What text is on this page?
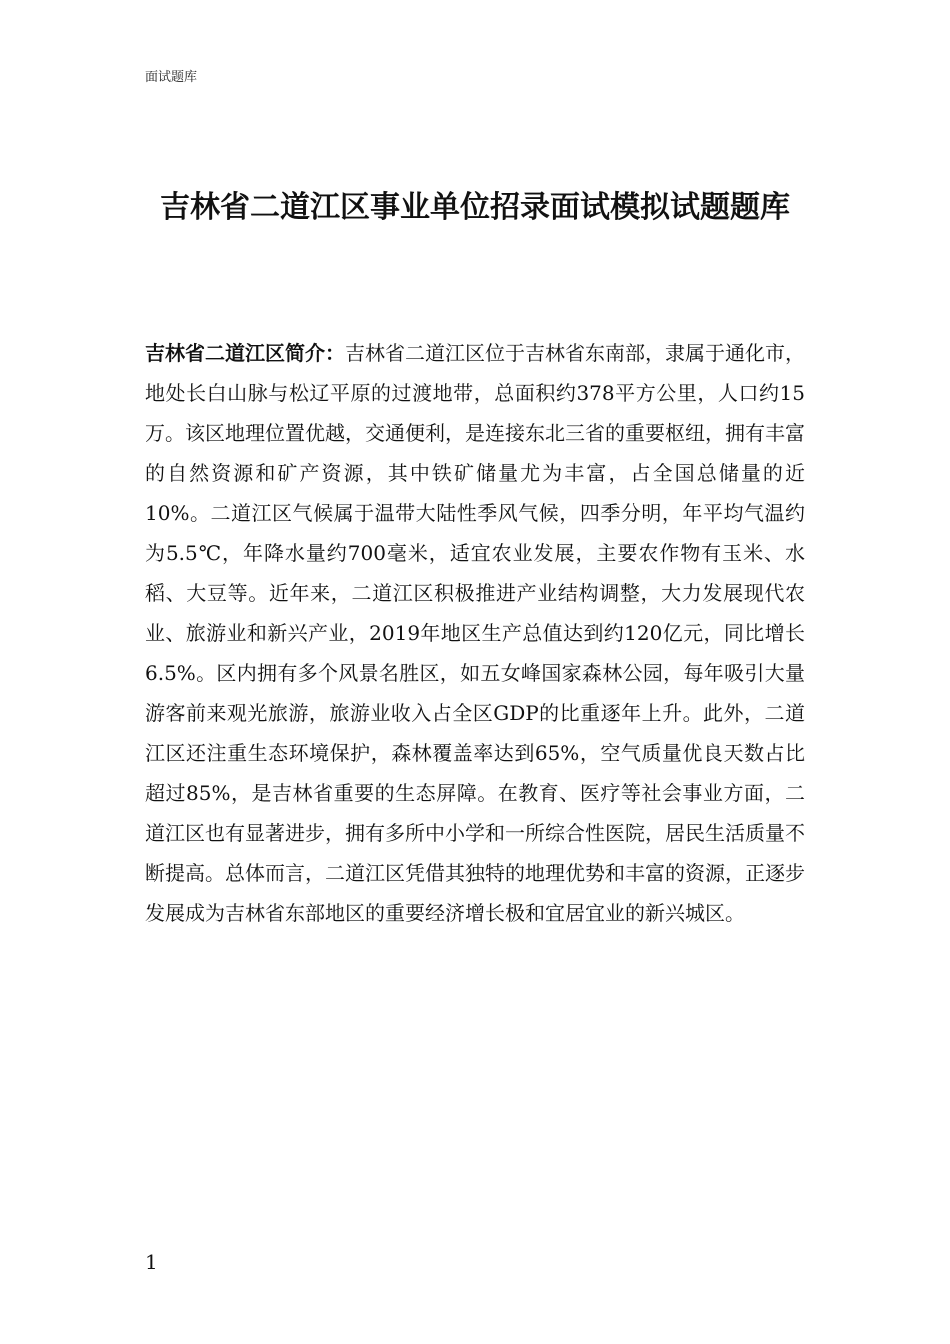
面试题库
吉林省二道江区事业单位招录面试模拟试题题库
吉林省二道江区简介：吉林省二道江区位于吉林省东南部，隶属于通化市，地处长白山脉与松辽平原的过渡地带，总面积约378平方公里，人口约15万。该区地理位置优越，交通便利，是连接东北三省的重要枢纽，拥有丰富的自然资源和矿产资源，其中铁矿储量尤为丰富，占全国总储量的近10%。二道江区气候属于温带大陆性季风气候，四季分明，年平均气温约为5.5℃，年降水量约700毫米，适宜农业发展，主要农作物有玉米、水稻、大豆等。近年来，二道江区积极推进产业结构调整，大力发展现代农业、旅游业和新兴产业，2019年地区生产总值达到约120亿元，同比增长6.5%。区内拥有多个风景名胜区，如五女峰国家森林公园，每年吸引大量游客前来观光旅游，旅游业收入占全区GDP的比重逐年上升。此外，二道江区还注重生态环境保护，森林覆盖率达到65%，空气质量优良天数占比超过85%，是吉林省重要的生态屏障。在教育、医疗等社会事业方面，二道江区也有显著进步，拥有多所中小学和一所综合性医院，居民生活质量不断提高。总体而言，二道江区凭借其独特的地理优势和丰富的资源，正逐步发展成为吉林省东部地区的重要经济增长极和宜居宜业的新兴城区。
1
